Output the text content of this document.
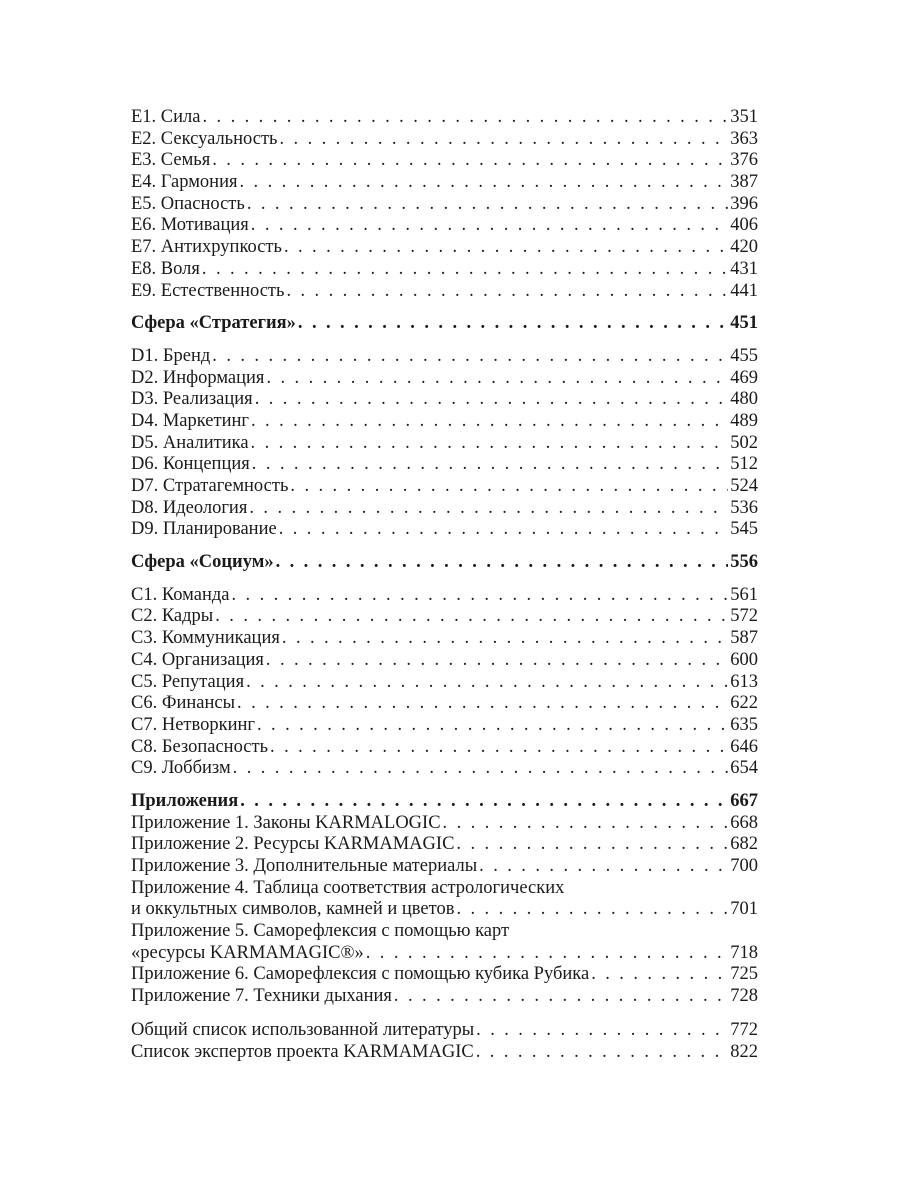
E1. Сила . . .	351
E2. Сексуальность . . .	363
E3. Семья . . .	376
E4. Гармония . . .	387
E5. Опасность . . .	396
E6. Мотивация . . .	406
E7. Антихрупкость . . .	420
E8. Воля . . .	431
E9. Естественность . . .	441
Сфера «Стратегия» . . .	451
D1. Бренд . . .	455
D2. Информация . . .	469
D3. Реализация . . .	480
D4. Маркетинг . . .	489
D5. Аналитика . . .	502
D6. Концепция . . .	512
D7. Стратагемность . . .	524
D8. Идеология . . .	536
D9. Планирование . . .	545
Сфера «Социум» . . .	556
C1. Команда . . .	561
C2. Кадры . . .	572
C3. Коммуникация . . .	587
C4. Организация . . .	600
C5. Репутация . . .	613
C6. Финансы . . .	622
C7. Нетворкинг . . .	635
C8. Безопасность . . .	646
C9. Лоббизм . . .	654
Приложения . . .	667
Приложение 1. Законы KARMALOGIC . . .	668
Приложение 2. Ресурсы KARMAMAGIC . . .	682
Приложение 3. Дополнительные материалы . . .	700
Приложение 4. Таблица соответствия астрологических
и оккультных символов, камней и цветов . . .	701
Приложение 5. Саморефлексия с помощью карт
«ресурсы KARMAMAGIC®» . . .	718
Приложение 6. Саморефлексия с помощью кубика Рубика . . .	725
Приложение 7. Техники дыхания . . .	728
Общий список использованной литературы . . .	772
Список экспертов проекта KARMAMAGIC . . .	822
